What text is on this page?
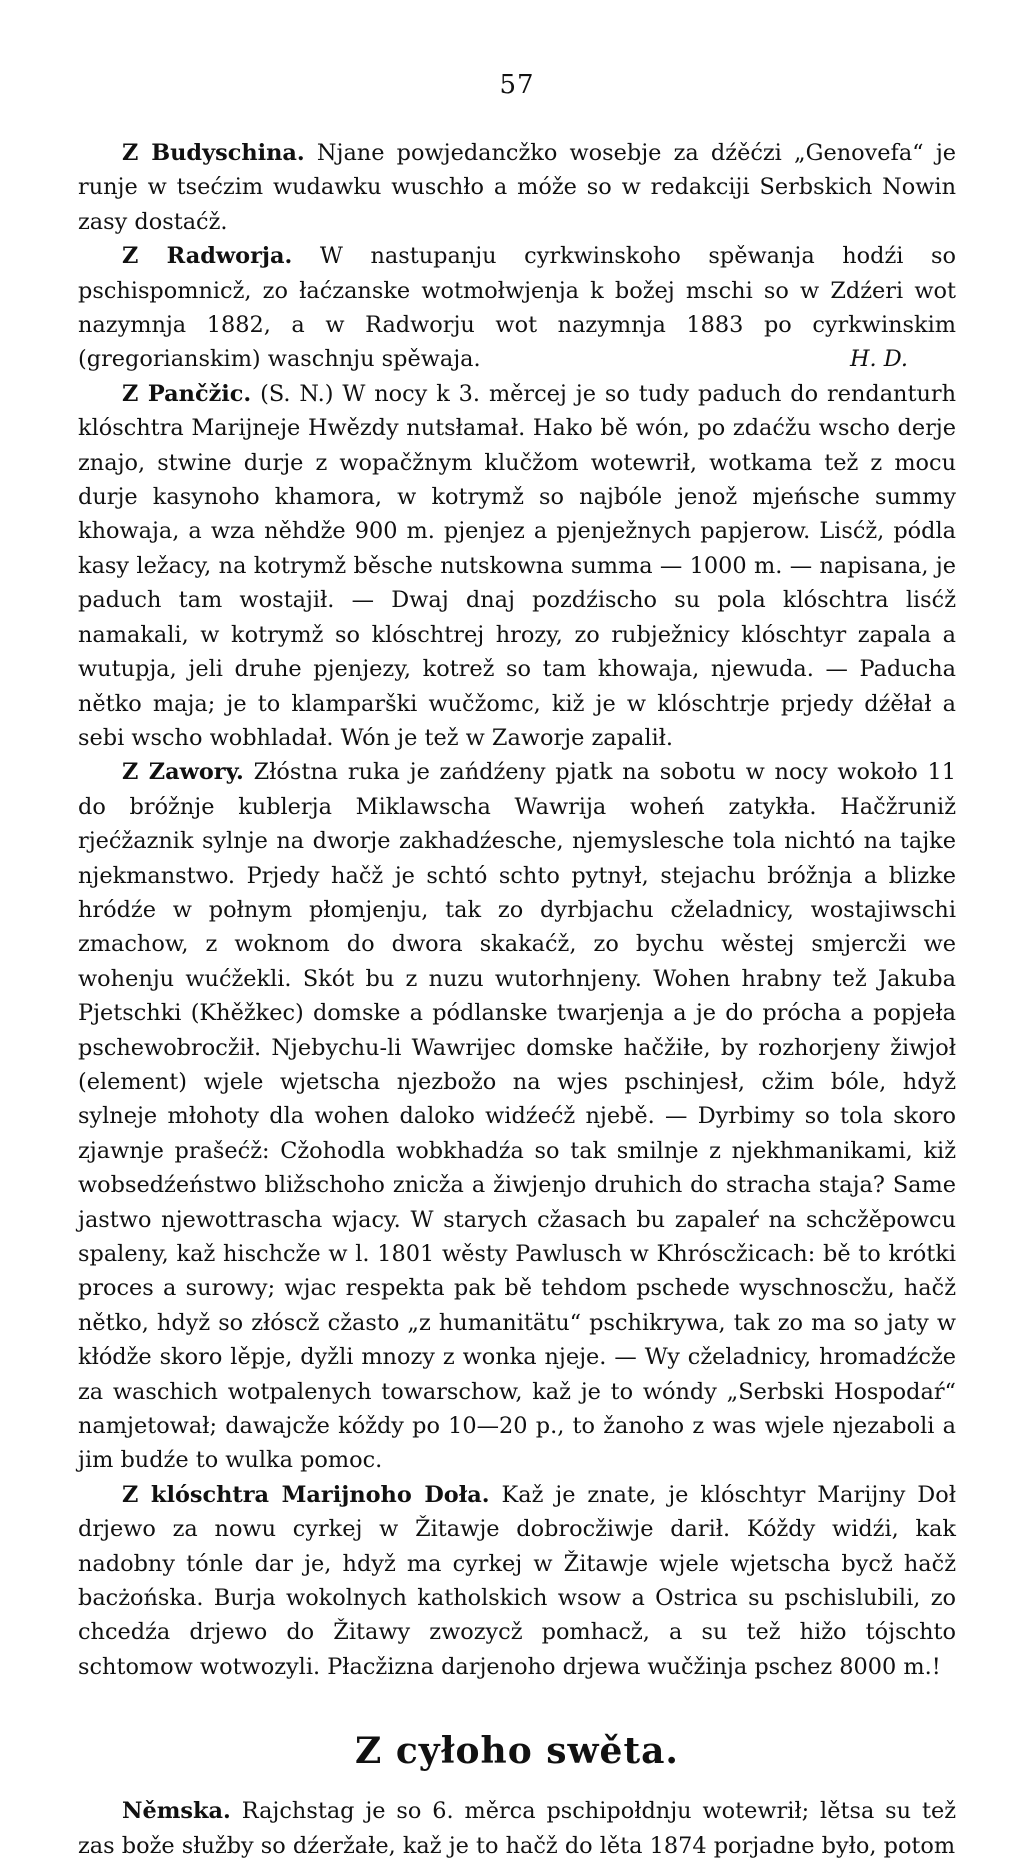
57

Z Budyschina. Njane powjedancžko wosebje za dźěćzi „Genovefa“ je runje w tsećzim wudawku wuschło a móže so w redakciji Serbskich Nowin zasy dostaćž.

Z Radworja. W nastupanju cyrkwinskoho spěwanja hodźi so pschispomnicž, zo łaćzanske wotmołwjenja k božej mschi so w Zdźeri wot nazymnja 1882, a w Radworju wot nazymnja 1883 po cyrkwinskim (gregorianskim) waschnju spěwaja.	H. D.

Z Pančžic. (S. N.) W nocy k 3. měrcej je so tudy paduch do rendanturh klóschtra Marijneje Hwězdy nutsłamał. Hako bě wón, po zdaćžu wscho derje znajo, stwine durje z wopačžnym klučžom wotewrił, wotkama tež z mocu durje kasynoho khamora, w kotrymž so najbóle jenož mjeńsche summy khowaja, a wza něhdže 900 m. pjenjez a pjenježnych papjerow. Lisćž, pódla kasy ležacy, na kotrymž běsche nutskowna summa — 1000 m. — napisana, je paduch tam wostajił. — Dwaj dnaj pozdźischo su pola klóschtra lisćž namakali, w kotrymž so klóschtrej hrozy, zo rubježnicy klóschtyr zapala a wutupja, jeli druhe pjenjezy, kotrež so tam khowaja, njewuda. — Paducha nětko maja; je to klamparški wučžomc, kiž je w klóschtrje prjedy dźěłał a sebi wscho wobhladał. Wón je tež w Zaworje zapalił.

Z Zawory. Złóstna ruka je zańdźeny pjatk na sobotu w nocy wokoło 11 do bróžnje kublerja Miklawscha Wawrija woheń zatykła. Hačžruniž rjećžaznik sylnje na dworje zakhadźesche, njemyslesche tola nichtó na tajke njekmanstwo. Prjedy hačž je schtó schto pytnył, stejachu bróžnja a blizke hródźe w połnym płomjenju, tak zo dyrbjachu cželadnicy, wostajiwschi zmachow, z woknom do dwora skakaćž, zo bychu wěstej smjercži we wohenju wućžekli. Skót bu z nuzu wutorhnjeny. Wohen hrabny tež Jakuba Pjetschki (Khěžkec) domske a pódlanske twarjenja a je do prócha a popjeła pschewobrocžił. Njebychu-li Wawrijec domske hačžiłe, by rozhorjeny žiwjoł (element) wjele wjetscha njezbožo na wjes pschinjesł, cžim bóle, hdyž sylneje młohoty dla wohen daloko widźećž njebě. — Dyrbimy so tola skoro zjawnje prašećž: Cžohodla wobkhadźa so tak smilnje z njekhmanikami, kiž wobsedźeństwo bližschoho znicža a žiwjenjo druhich do stracha staja? Same jastwo njewottraschа wjacy. W starych cžasach bu zapaleŕ na schcžěpowcu spaleny, kaž hischcže w l. 1801 wěsty Pawlusch w Khróscžicach: bě to krótki proces a surowy; wjac respekta pak bě tehdom pschede wyschnoscžu, hačž nětko, hdyž so złóscž cžasto „z humanitätu“ pschikrywa, tak zo ma so jaty w kłódže skoro lěpje, dyžli mnozy z wonka njeje. — Wy cželadnicy, hromadźcže za waschich wotpalenych towarschow, kaž je to wóndy „Serbski Hospodaŕ“ namjetował; dawajcže kóždy po 10—20 p., to žanoho z was wjele njezaboli a jim budźe to wulka pomoc.

Z klóschtra Marijnoho Doła. Kaž je znate, je klóschtyr Marijny Doł drjewo za nowu cyrkej w Žitawje dobrocžiwje darił. Kóždy widźi, kak nadobny tónle dar je, hdyž ma cyrkej w Žitawje wjele wjetscha bycž hačž bacżońska. Burja wokolnych katholskich wsow a Ostrica su pschislubili, zo chcedźa drjewo do Žitawy zwozycž pomhacž, a su tež hižo tójschto schtomow wotwozyli. Płacžizna darjenoho drjewa wučžinja pschez 8000 m.!

Z cyłoho swěta.

Němska. Rajchstag je so 6. měrca pschipołdnju wotewrił; lětsa su tež zas bože słužby so dźeržałe, kaž je to hačž do lěta 1874 porjadne było, potom
